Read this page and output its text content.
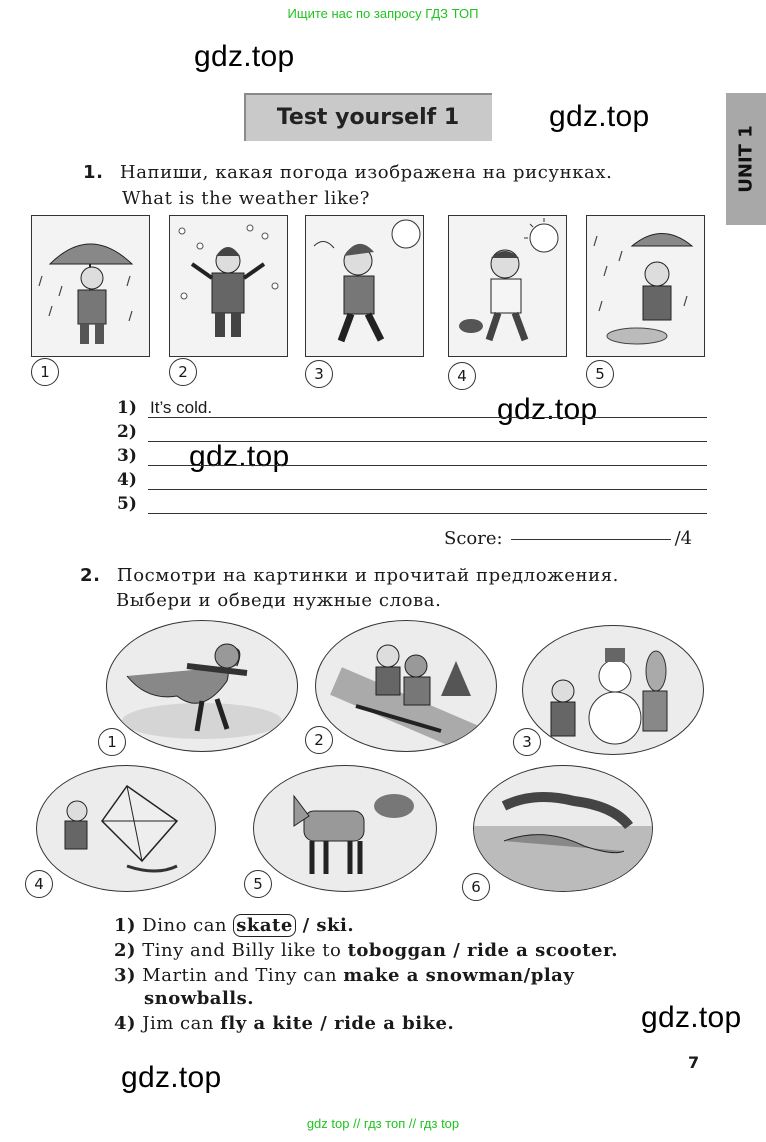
Ищите нас по запросу ГДЗ ТОП
gdz top // гдз топ // гдз top
gdz.top
gdz.top
gdz.top
gdz.top
gdz.top
gdz.top
Test yourself 1
UNIT 1
1. Напиши, какая погода изображена на рисунках.
What is the weather like?
1	2	3	4	5
1) It’s cold.
2)
3)
4)
5)
Score:	/4
2. Посмотри на картинки и прочитай предложения.
Выбери и обведи нужные слова.
1	2	3
4	5	6
1) Dino can skate / ski.
2) Tiny and Billy like to toboggan / ride a scooter.
3) Martin and Tiny can make a snowman/play
snowballs.
4) Jim can fly a kite / ride a bike.
7
